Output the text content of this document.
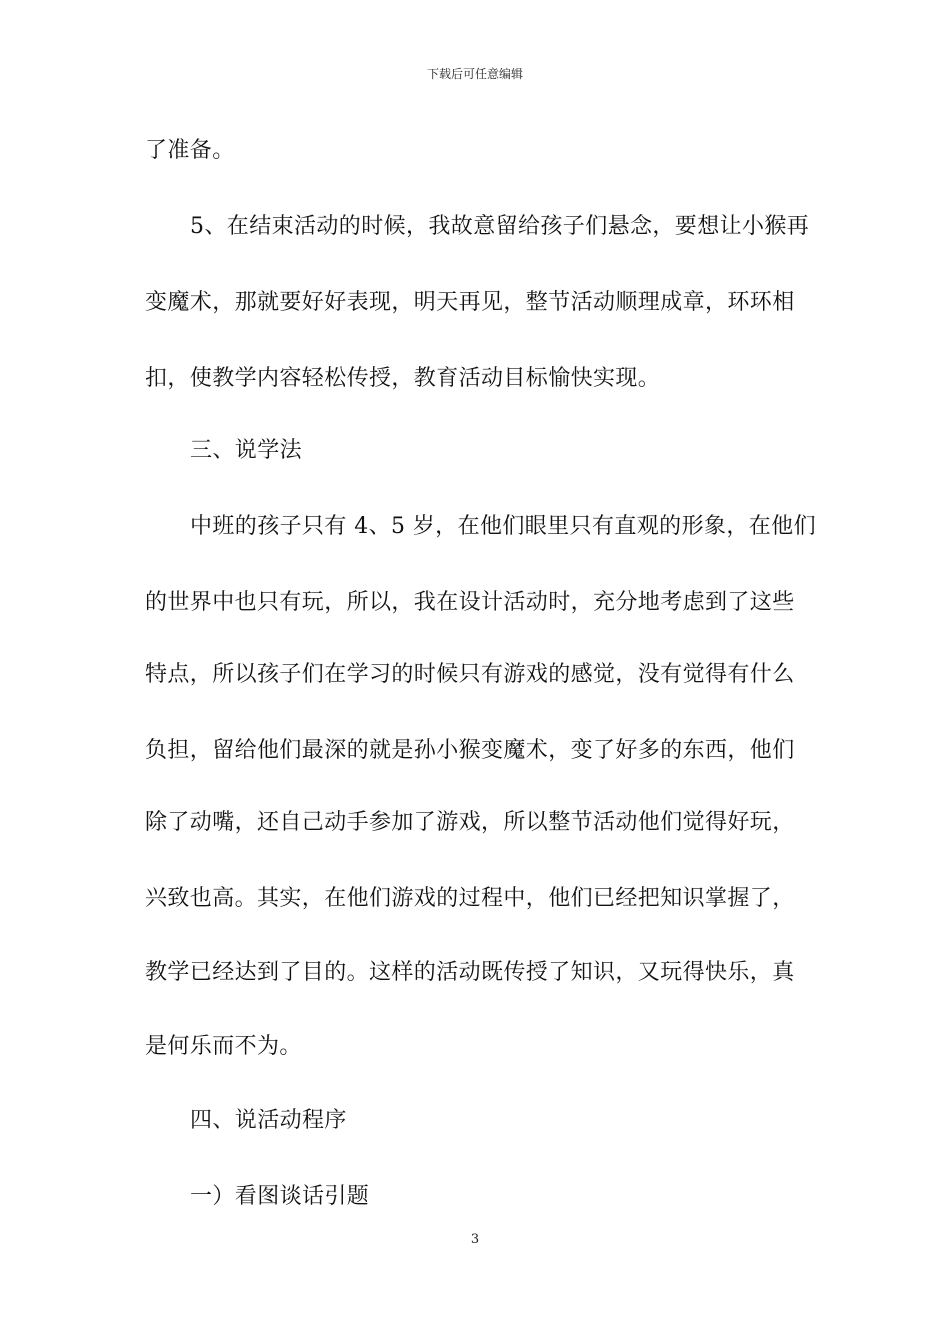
下载后可任意编辑
了准备。
5、在结束活动的时候，我故意留给孩子们悬念，要想让小猴再
变魔术，那就要好好表现，明天再见，整节活动顺理成章，环环相
扣，使教学内容轻松传授，教育活动目标愉快实现。
三、说学法
中班的孩子只有 4、5 岁，在他们眼里只有直观的形象，在他们
的世界中也只有玩，所以，我在设计活动时，充分地考虑到了这些
特点，所以孩子们在学习的时候只有游戏的感觉，没有觉得有什么
负担，留给他们最深的就是孙小猴变魔术，变了好多的东西，他们
除了动嘴，还自己动手参加了游戏，所以整节活动他们觉得好玩，
兴致也高。其实，在他们游戏的过程中，他们已经把知识掌握了，
教学已经达到了目的。这样的活动既传授了知识，又玩得快乐，真
是何乐而不为。
四、说活动程序
一）看图谈话引题
3
